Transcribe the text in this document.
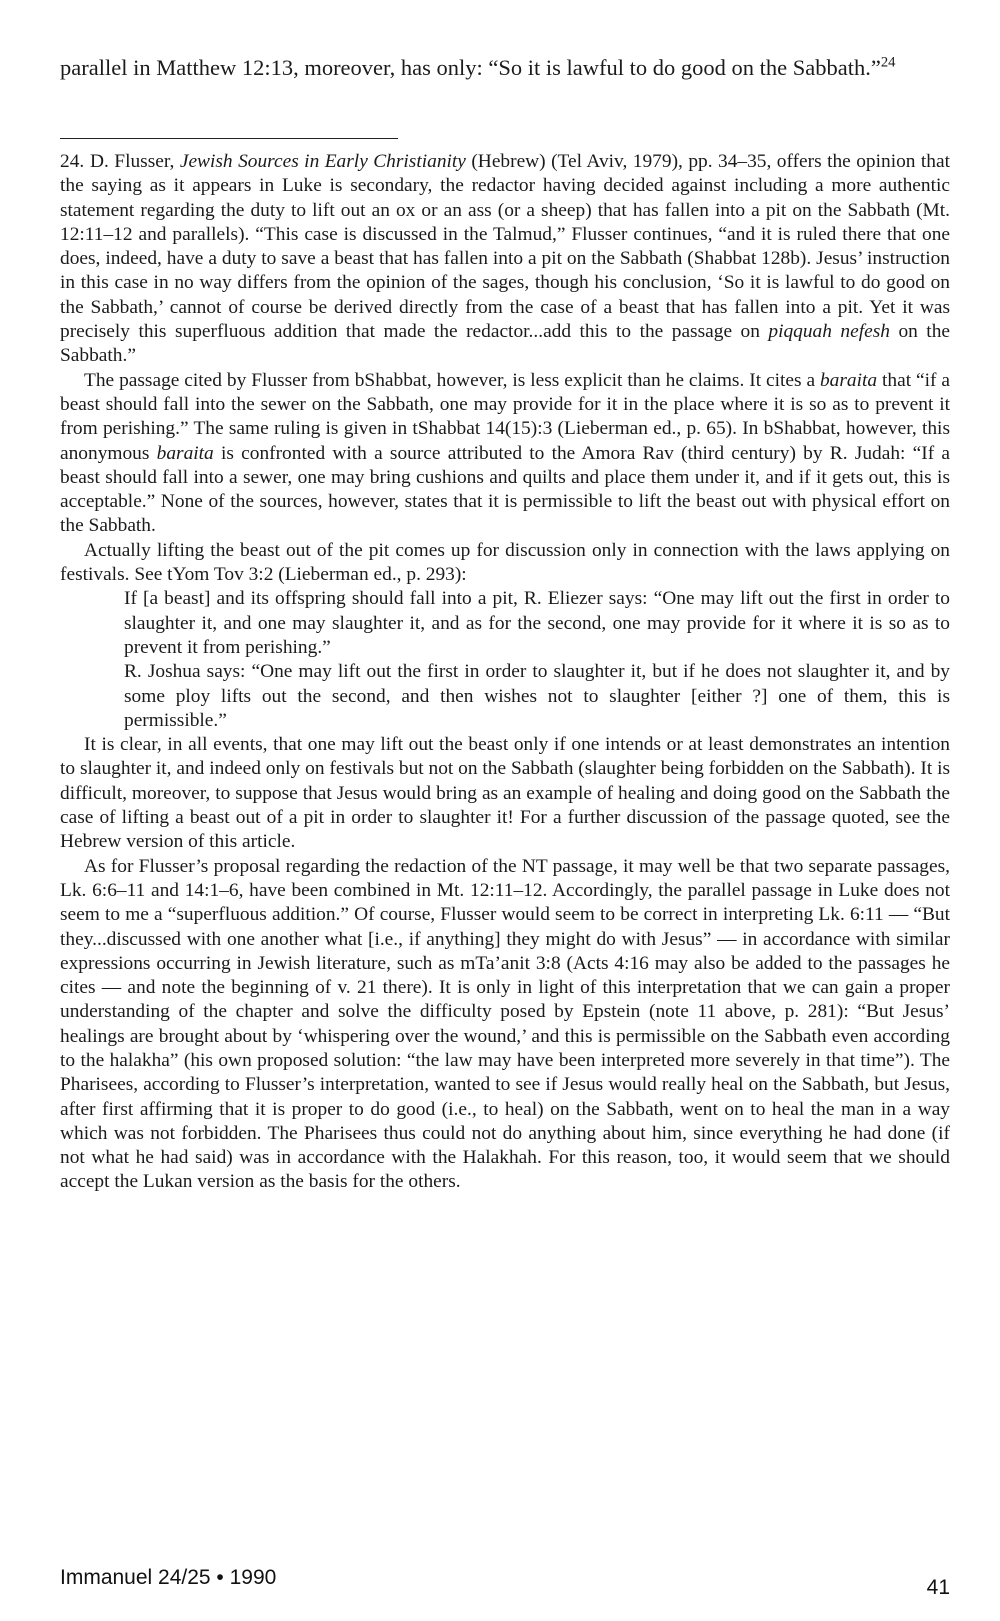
parallel in Matthew 12:13, moreover, has only: “So it is lawful to do good on the Sabbath.”$^{24}$

24. D. Flusser, Jewish Sources in Early Christianity (Hebrew) (Tel Aviv, 1979), pp. 34–35, offers the opinion that the saying as it appears in Luke is secondary, the redactor having decided against including a more authentic statement regarding the duty to lift out an ox or an ass (or a sheep) that has fallen into a pit on the Sabbath (Mt. 12:11–12 and parallels). “This case is discussed in the Talmud,” Flusser continues, “and it is ruled there that one does, indeed, have a duty to save a beast that has fallen into a pit on the Sabbath (Shabbat 128b). Jesus’ instruction in this case in no way differs from the opinion of the sages, though his conclusion, ‘So it is lawful to do good on the Sabbath,’ cannot of course be derived directly from the case of a beast that has fallen into a pit. Yet it was precisely this superfluous addition that made the redactor...add this to the passage on piqquah nefesh on the Sabbath.”

The passage cited by Flusser from bShabbat, however, is less explicit than he claims. It cites a baraita that “if a beast should fall into the sewer on the Sabbath, one may provide for it in the place where it is so as to prevent it from perishing.” The same ruling is given in tShabbat 14(15):3 (Lieberman ed., p. 65). In bShabbat, however, this anonymous baraita is confronted with a source attributed to the Amora Rav (third century) by R. Judah: “If a beast should fall into a sewer, one may bring cushions and quilts and place them under it, and if it gets out, this is acceptable.” None of the sources, however, states that it is permissible to lift the beast out with physical effort on the Sabbath.

Actually lifting the beast out of the pit comes up for discussion only in connection with the laws applying on festivals. See tYom Tov 3:2 (Lieberman ed., p. 293):

If [a beast] and its offspring should fall into a pit, R. Eliezer says: “One may lift out the first in order to slaughter it, and one may slaughter it, and as for the second, one may provide for it where it is so as to prevent it from perishing.”

R. Joshua says: “One may lift out the first in order to slaughter it, but if he does not slaughter it, and by some ploy lifts out the second, and then wishes not to slaughter [either ?] one of them, this is permissible.”

It is clear, in all events, that one may lift out the beast only if one intends or at least demonstrates an intention to slaughter it, and indeed only on festivals but not on the Sabbath (slaughter being forbidden on the Sabbath). It is difficult, moreover, to suppose that Jesus would bring as an example of healing and doing good on the Sabbath the case of lifting a beast out of a pit in order to slaughter it! For a further discussion of the passage quoted, see the Hebrew version of this article.

As for Flusser’s proposal regarding the redaction of the NT passage, it may well be that two separate passages, Lk. 6:6–11 and 14:1–6, have been combined in Mt. 12:11–12. Accordingly, the parallel passage in Luke does not seem to me a “superfluous addition.” Of course, Flusser would seem to be correct in interpreting Lk. 6:11 — “But they...discussed with one another what [i.e., if anything] they might do with Jesus” — in accordance with similar expressions occurring in Jewish literature, such as mTa’anit 3:8 (Acts 4:16 may also be added to the passages he cites — and note the beginning of v. 21 there). It is only in light of this interpretation that we can gain a proper understanding of the chapter and solve the difficulty posed by Epstein (note 11 above, p. 281): “But Jesus’ healings are brought about by ‘whispering over the wound,’ and this is permissible on the Sabbath even according to the halakha” (his own proposed solution: “the law may have been interpreted more severely in that time”). The Pharisees, according to Flusser’s interpretation, wanted to see if Jesus would really heal on the Sabbath, but Jesus, after first affirming that it is proper to do good (i.e., to heal) on the Sabbath, went on to heal the man in a way which was not forbidden. The Pharisees thus could not do anything about him, since everything he had done (if not what he had said) was in accordance with the Halakhah. For this reason, too, it would seem that we should accept the Lukan version as the basis for the others.

Immanuel 24/25 • 1990	41
